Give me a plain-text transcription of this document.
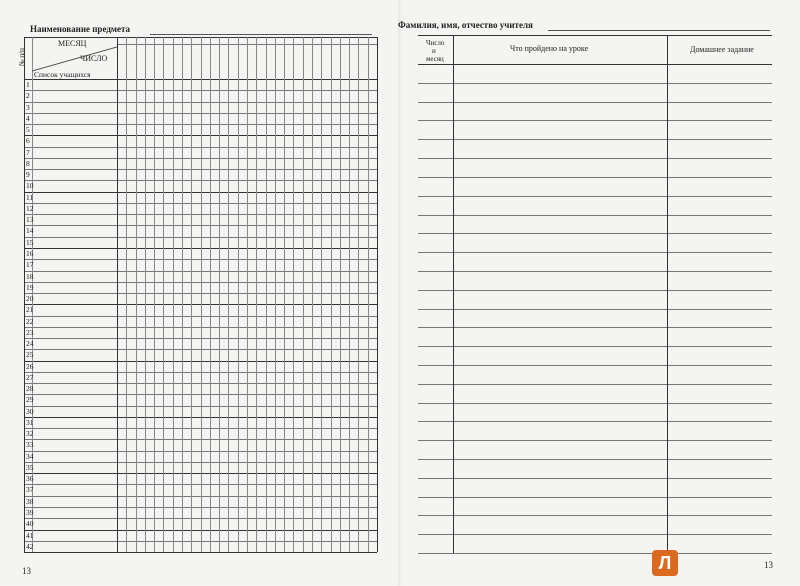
Наименование предмета
МЕСЯЦ
ЧИСЛО
№ п/п
Список учащихся
1
2
3
4
5
6
7
8
9
10
11
12
13
14
15
16
17
18
19
20
21
22
23
24
25
26
27
28
29
30
31
32
33
34
35
36
37
38
39
40
41
42
13
Фамилия, имя, отчество учителя
Число
и
месяц
Что пройдено на уроке	Домашнее задание
13
Л
